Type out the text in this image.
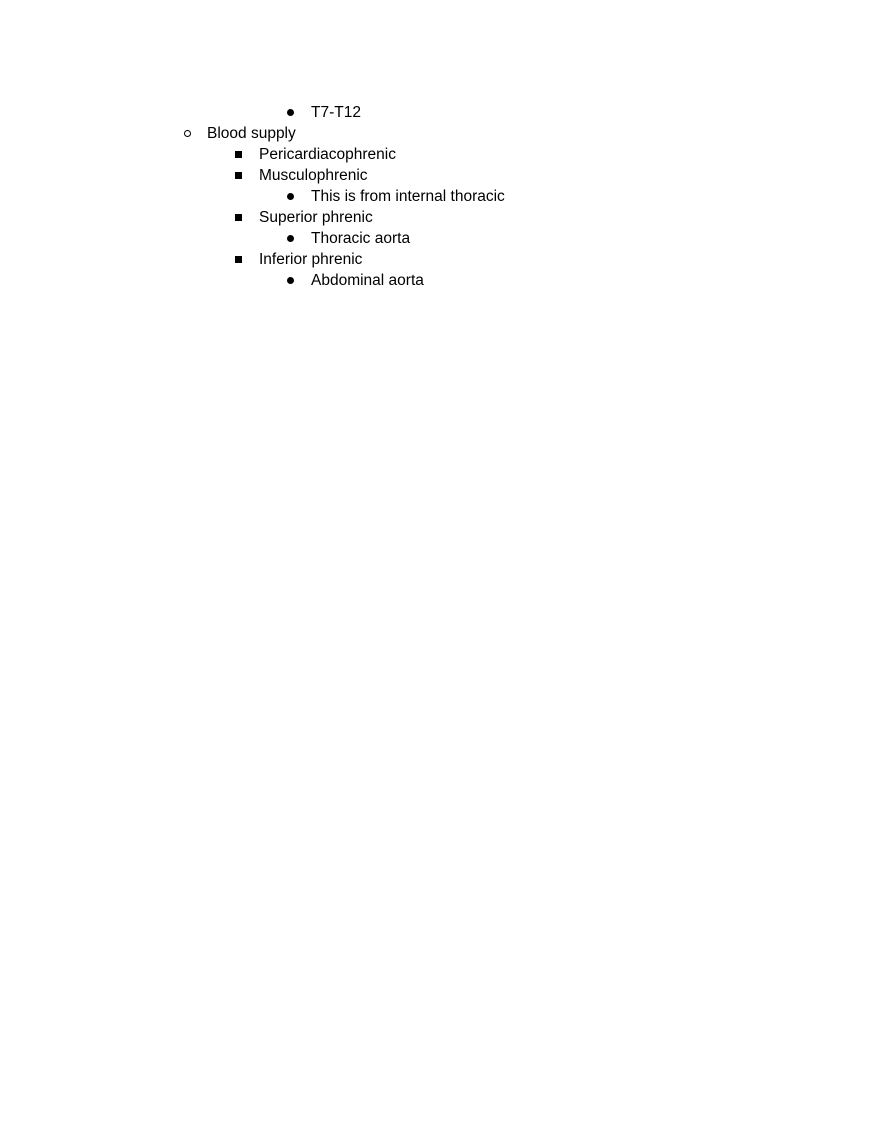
T7-T12
Blood supply
Pericardiacophrenic
Musculophrenic
This is from internal thoracic
Superior phrenic
Thoracic aorta
Inferior phrenic
Abdominal aorta
